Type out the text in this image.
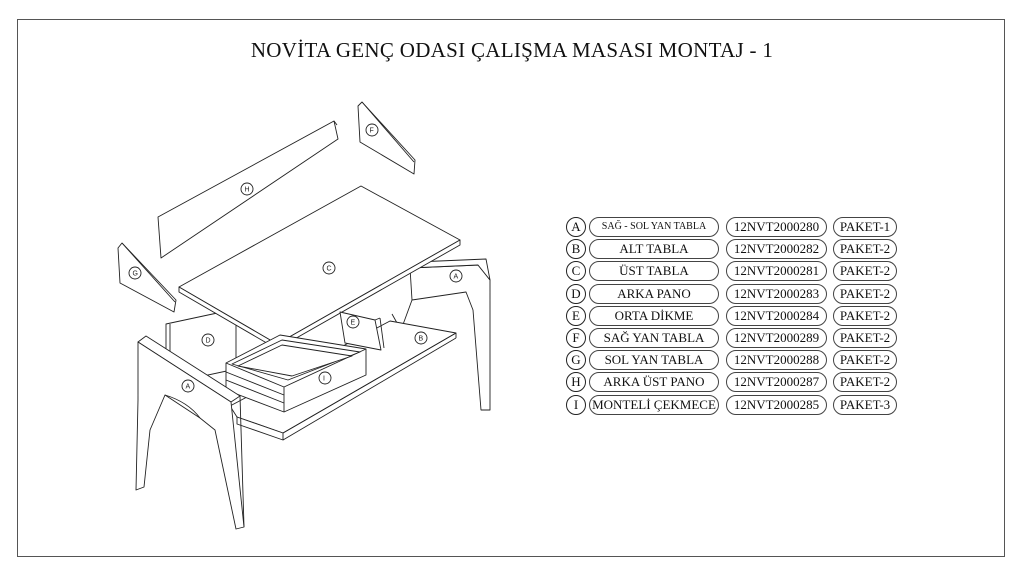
NOVİTA GENÇ ODASI ÇALIŞMA MASASI MONTAJ - 1
H
F
G	A
B
D
C
E
I
A
A	SAĞ - SOL YAN TABLA	12NVT2000280	PAKET-1
B	ALT TABLA	12NVT2000282	PAKET-2
C	ÜST TABLA	12NVT2000281	PAKET-2
D	ARKA PANO	12NVT2000283	PAKET-2
E	ORTA DİKME	12NVT2000284	PAKET-2
F	SAĞ YAN TABLA	12NVT2000289	PAKET-2
G	SOL YAN TABLA	12NVT2000288	PAKET-2
H	ARKA ÜST PANO	12NVT2000287	PAKET-2
I	MONTELİ ÇEKMECE	12NVT2000285	PAKET-3
